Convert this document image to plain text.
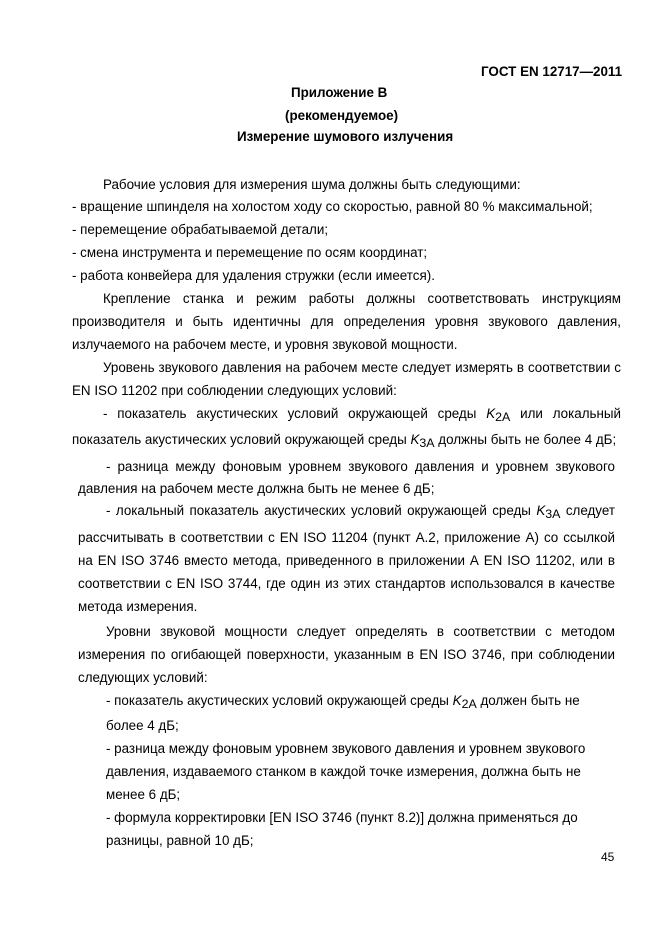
ГОСТ EN 12717—2011
Приложение В
(рекомендуемое)
Измерение шумового излучения
Рабочие условия для измерения шума должны быть следующими:
- вращение шпинделя на холостом ходу со скоростью, равной 80 % максимальной;
- перемещение обрабатываемой детали;
- смена инструмента и перемещение по осям координат;
- работа конвейера для удаления стружки (если имеется).
Крепление станка и режим работы должны соответствовать инструкциям
производителя и быть идентичны для определения уровня звукового давления,
излучаемого на рабочем месте, и уровня звуковой мощности.
Уровень звукового давления на рабочем месте следует измерять в соответствии с
EN ISO 11202 при соблюдении следующих условий:
- показатель акустических условий окружающей среды $K_{2A}$ или локальный
показатель акустических условий окружающей среды $K_{3A}$ должны быть не более 4 дБ;
- разница между фоновым уровнем звукового давления и уровнем звукового
давления на рабочем месте должна быть не менее 6 дБ;
- локальный показатель акустических условий окружающей среды $K_{3A}$ следует
рассчитывать в соответствии с EN ISO 11204 (пункт А.2, приложение А) со ссылкой
на EN ISO 3746 вместо метода, приведенного в приложении А EN ISO 11202, или в
соответствии с EN ISO 3744, где один из этих стандартов использовался в качестве
метода измерения.
Уровни звуковой мощности следует определять в соответствии с методом
измерения по огибающей поверхности, указанным в EN ISO 3746, при соблюдении
следующих условий:
- показатель акустических условий окружающей среды $K_{2A}$ должен быть не
более 4 дБ;
- разница между фоновым уровнем звукового давления и уровнем звукового
давления, издаваемого станком в каждой точке измерения, должна быть не
менее 6 дБ;
- формула корректировки [EN ISO 3746 (пункт 8.2)] должна применяться до
разницы, равной 10 дБ;
45
